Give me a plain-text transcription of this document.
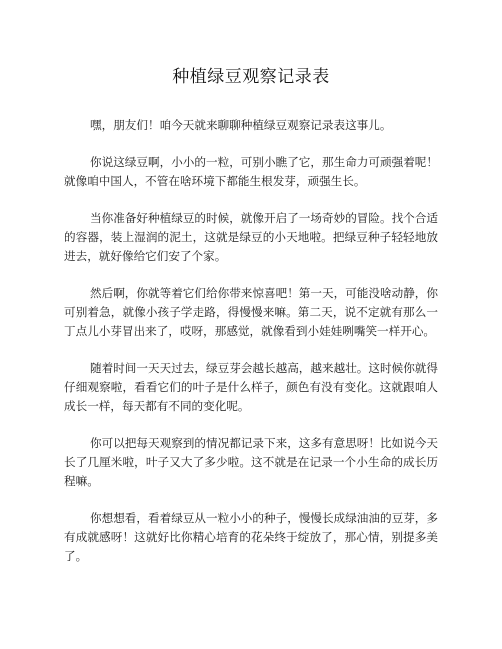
种植绿豆观察记录表

嘿，朋友们！咱今天就来聊聊种植绿豆观察记录表这事儿。

你说这绿豆啊，小小的一粒，可别小瞧了它，那生命力可顽强着呢！就像咱中国人，不管在啥环境下都能生根发芽，顽强生长。

当你准备好种植绿豆的时候，就像开启了一场奇妙的冒险。找个合适的容器，装上湿润的泥土，这就是绿豆的小天地啦。把绿豆种子轻轻地放进去，就好像给它们安了个家。

然后啊，你就等着它们给你带来惊喜吧！第一天，可能没啥动静，你可别着急，就像小孩子学走路，得慢慢来嘛。第二天，说不定就有那么一丁点儿小芽冒出来了，哎呀，那感觉，就像看到小娃娃咧嘴笑一样开心。

随着时间一天天过去，绿豆芽会越长越高，越来越壮。这时候你就得仔细观察啦，看看它们的叶子是什么样子，颜色有没有变化。这就跟咱人成长一样，每天都有不同的变化呢。

你可以把每天观察到的情况都记录下来，这多有意思呀！比如说今天长了几厘米啦，叶子又大了多少啦。这不就是在记录一个小生命的成长历程嘛。

你想想看，看着绿豆从一粒小小的种子，慢慢长成绿油油的豆芽，多有成就感呀！这就好比你精心培育的花朵终于绽放了，那心情，别提多美了。
